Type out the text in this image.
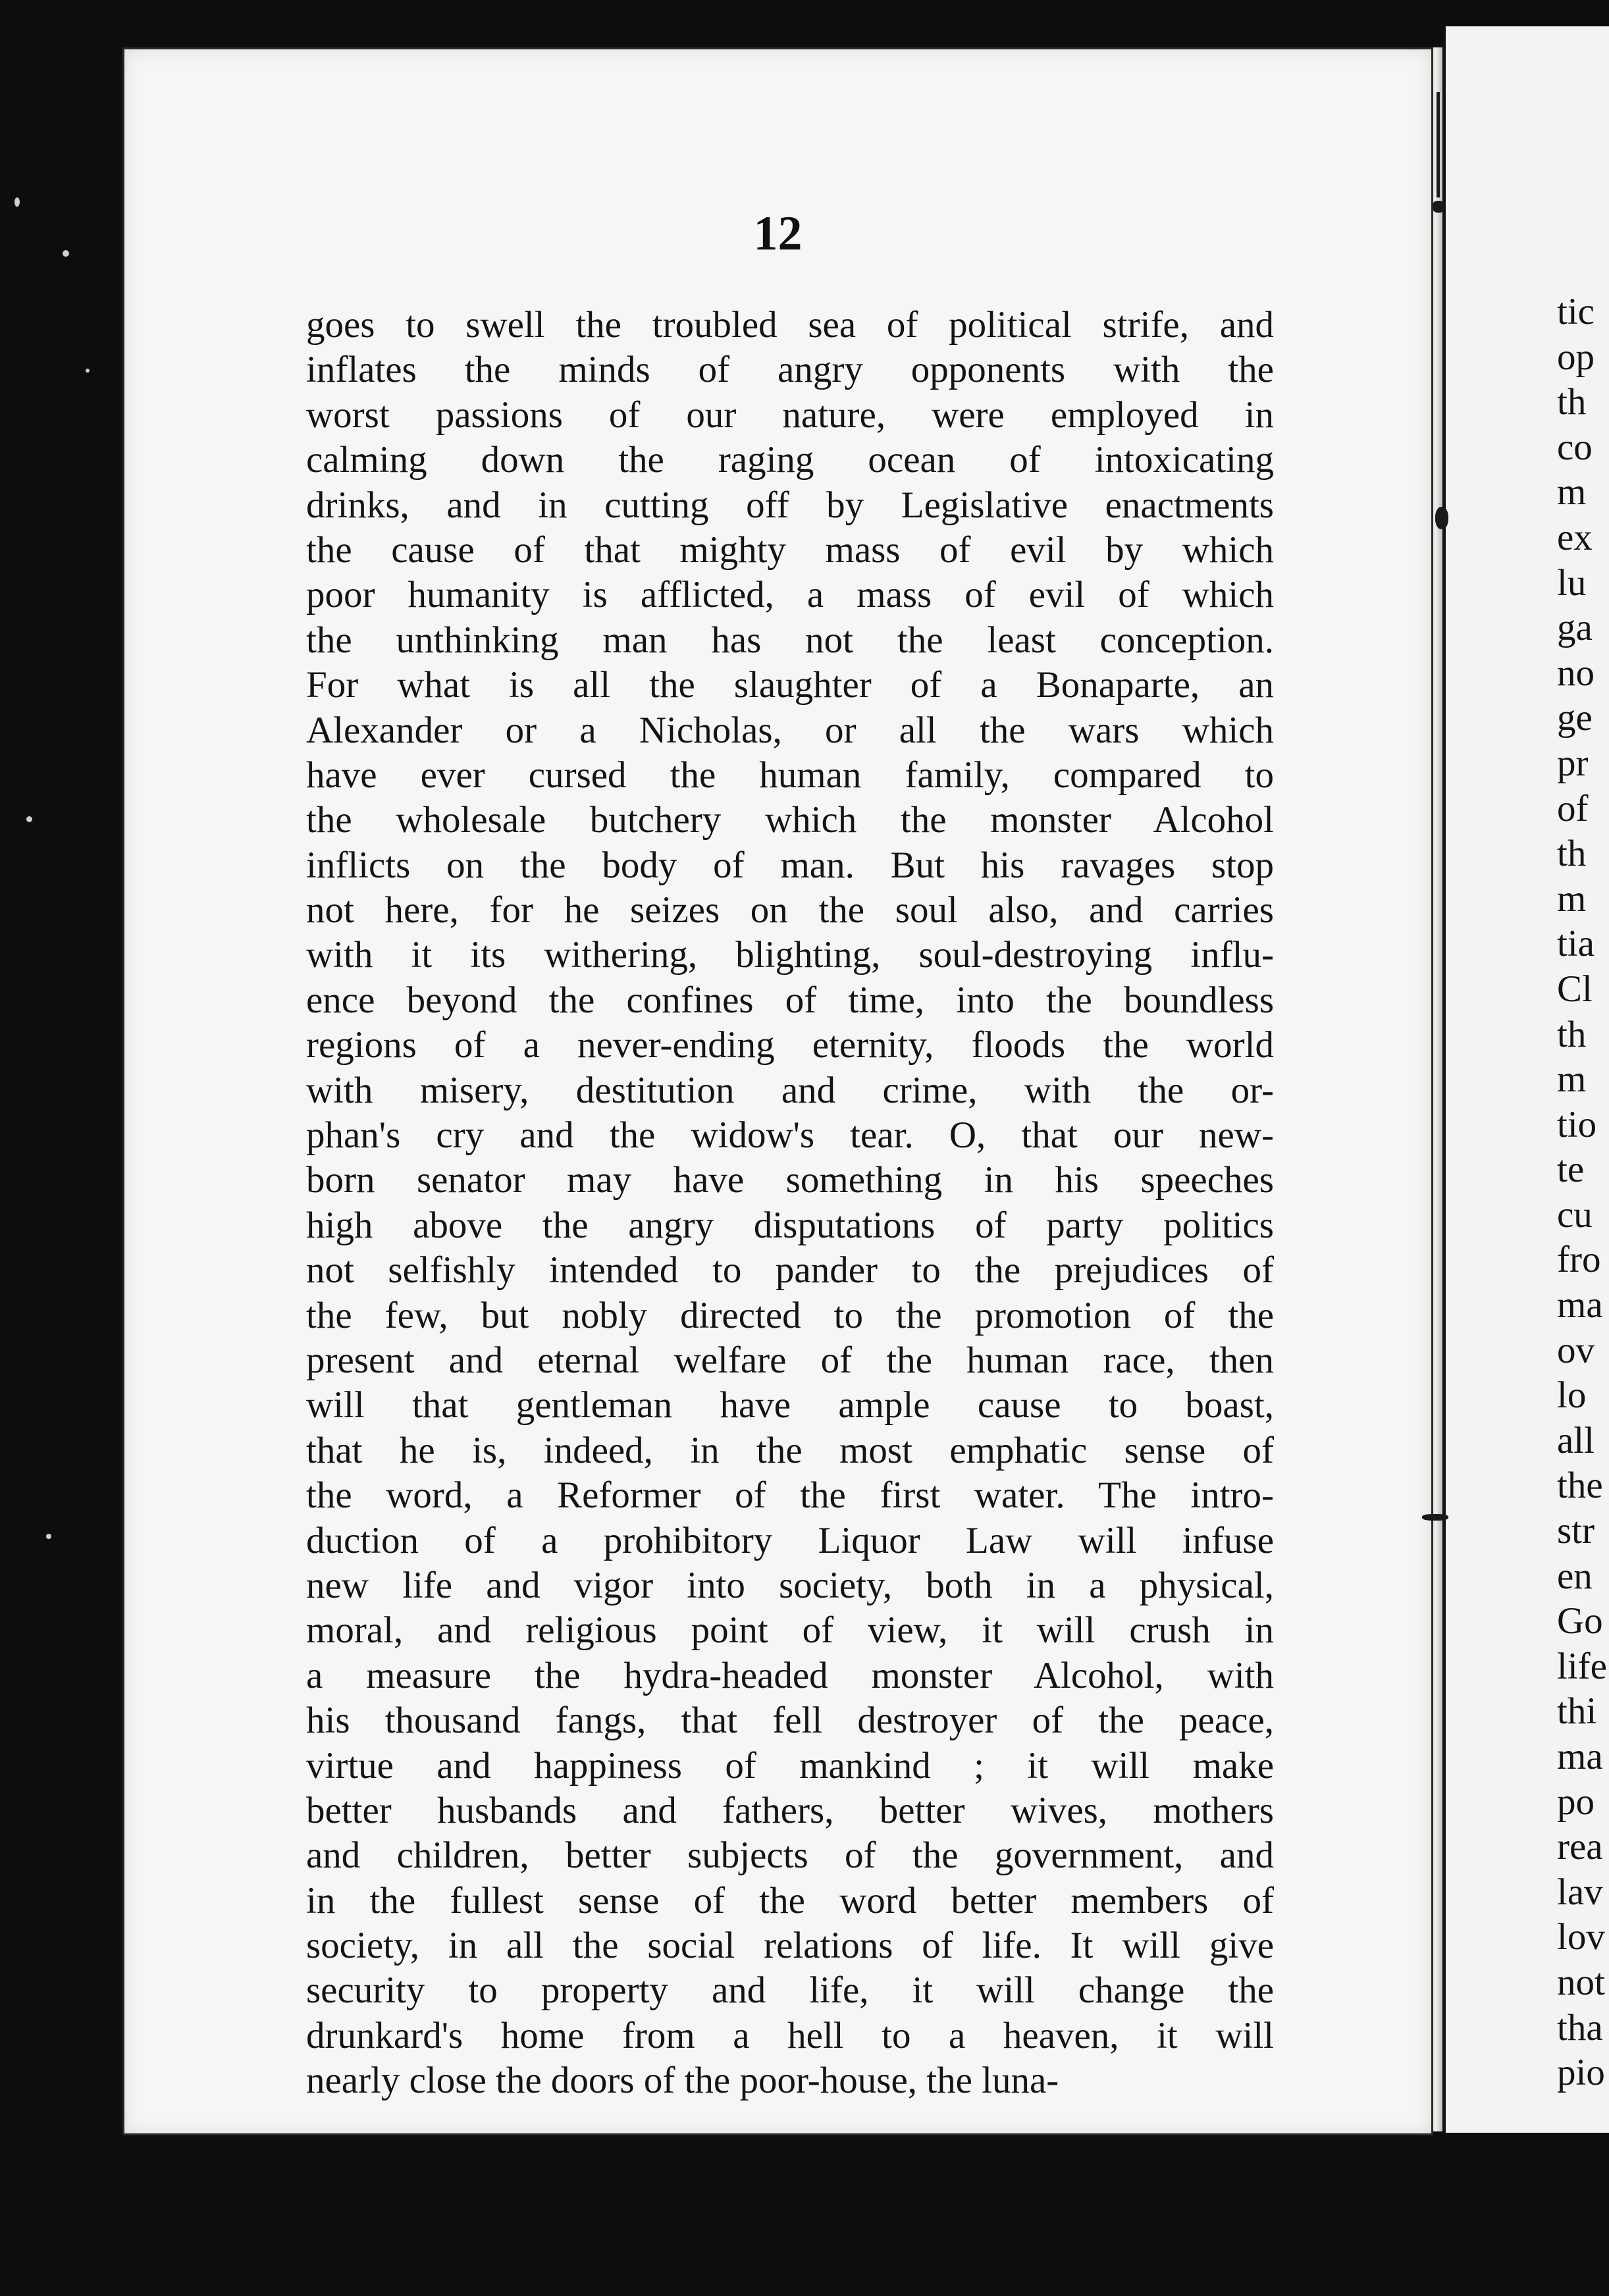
12
goes to swell the troubled sea of political strife, and
inflates the minds of angry opponents with the
worst passions of our nature, were employed in
calming down the raging ocean of intoxicating
drinks, and in cutting off by Legislative enactments
the cause of that mighty mass of evil by which
poor humanity is afflicted, a mass of evil of which
the unthinking man has not the least conception.
For what is all the slaughter of a Bonaparte, an
Alexander or a Nicholas, or all the wars which
have ever cursed the human family, compared to
the wholesale butchery which the monster Alcohol
inflicts on the body of man. But his ravages stop
not here, for he seizes on the soul also, and carries
with it its withering, blighting, soul-destroying influ-
ence beyond the confines of time, into the boundless
regions of a never-ending eternity, floods the world
with misery, destitution and crime, with the or-
phan's cry and the widow's tear. O, that our new-
born senator may have something in his speeches
high above the angry disputations of party politics
not selfishly intended to pander to the prejudices of
the few, but nobly directed to the promotion of the
present and eternal welfare of the human race, then
will that gentleman have ample cause to boast,
that he is, indeed, in the most emphatic sense of
the word, a Reformer of the first water. The intro-
duction of a prohibitory Liquor Law will infuse
new life and vigor into society, both in a physical,
moral, and religious point of view, it will crush in
a measure the hydra-headed monster Alcohol, with
his thousand fangs, that fell destroyer of the peace,
virtue and happiness of mankind ; it will make
better husbands and fathers, better wives, mothers
and children, better subjects of the government, and
in the fullest sense of the word better members of
society, in all the social relations of life. It will give
security to property and life, it will change the
drunkard's home from a hell to a heaven, it will
nearly close the doors of the poor-house, the luna-
tic
op
th
co
m
ex
lu
ga
no
ge
pr
of
th
m
tia
Cl
th
m
tio
te
cu
fro
ma
ov
lo
all
the
str
en
Go
life
thi
ma
po
rea
lav
lov
not
tha
pio
